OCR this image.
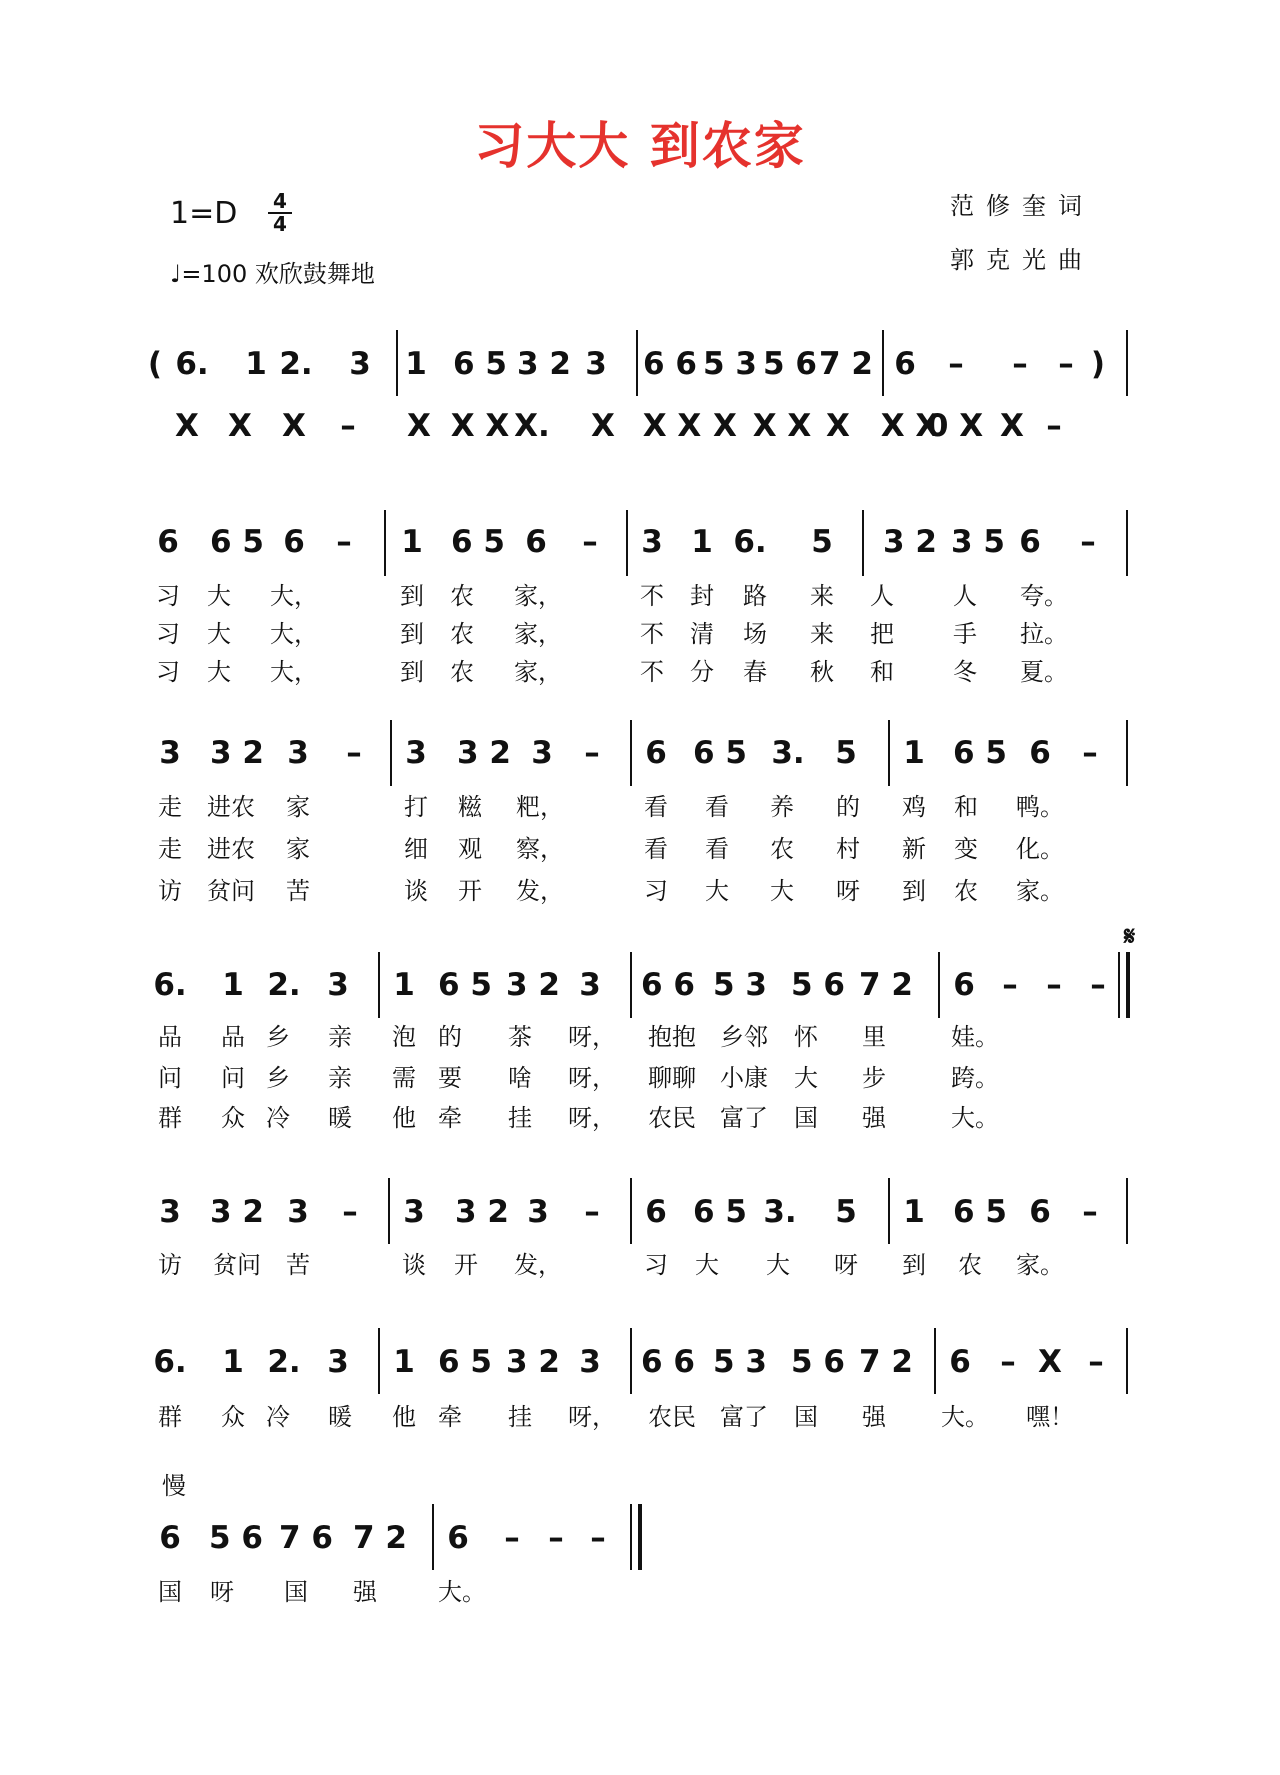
习大大 到农家
1=D 4
4
♩=100 欢欣鼓舞地
范修奎词
郭克光曲
慢
𝄋
( 6. 1 2. 3 1 6 5 3 2 3 6 6 5 3 5 6 7 2 6 – – – )
X X X – X X X X. X X X X X X X X X
0 X X –
6 6 5 6 – 1 6 5 6 – 3 1 6. 5 3 2 3 5 6 –
习 大 大，	到 农 家，	不 封 路 来 人 人 夸。
习 大 大，	到 农 家，	不 清 场 来 把 手 拉。
习 大 大，	到 农 家，	不 分 春 秋 和 冬 夏。
3 3 2 3 – 3 3 2 3 – 6 6 5 3. 5 1 6 5 6 –
走 进农 家	打 糍 粑，	看 看 养 的 鸡 和 鸭。
走 进农 家	细 观 察，	看 看 农 村 新 变 化。
访 贫问 苦	谈 开 发，	习 大 大 呀 到 农 家。
6. 1 2. 3 1 6 5 3 2 3 6 6 5 3 5 6 7 2 6 – – –
品 品 乡 亲 泡 的 茶 呀， 抱抱 乡邻 怀 里	娃。
问 问 乡 亲 需 要 啥 呀， 聊聊 小康 大 步	跨。
群 众 冷 暖 他 牵 挂 呀， 农民 富了 国 强	大。
3 3 2 3 – 3 3 2 3 – 6 6 5 3. 5 1 6 5 6 –
访 贫问 苦	谈 开 发，	习 大 大 呀 到 农 家。
6. 1 2. 3 1 6 5 3 2 3 6 6 5 3 5 6 7 2 6 – X –
群 众 冷 暖 他 牵 挂 呀， 农民 富了 国 强 大。 嘿！
6 5 6 7 6 7 2 6 – – –
国 呀 国 强	大。
